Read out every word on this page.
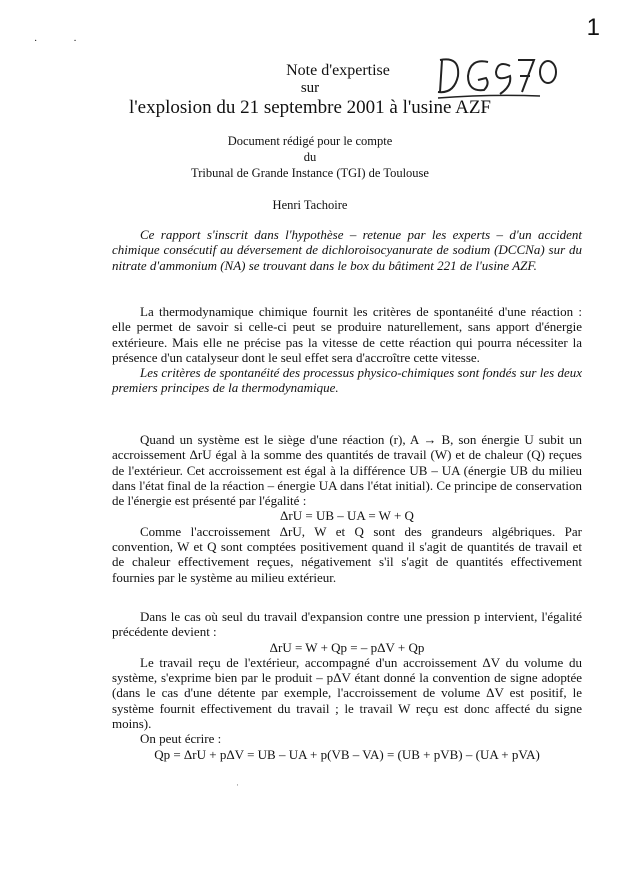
1
··
Note d'expertise
sur
l'explosion du 21 septembre 2001 à l'usine AZF
Document rédigé pour le compte
du
Tribunal de Grande Instance (TGI) de Toulouse
Henri Tachoire

Ce rapport s'inscrit dans l'hypothèse – retenue par les experts – d'un accident chimique consécutif au déversement de dichloroisocyanurate de sodium (DCCNa) sur du nitrate d'ammonium (NA) se trouvant dans le box du bâtiment 221 de l'usine AZF.

La thermodynamique chimique fournit les critères de spontanéité d'une réaction : elle permet de savoir si celle-ci peut se produire naturellement, sans apport d'énergie extérieure. Mais elle ne précise pas la vitesse de cette réaction qui pourra nécessiter la présence d'un catalyseur dont le seul effet sera d'accroître cette vitesse.

Les critères de spontanéité des processus physico-chimiques sont fondés sur les deux premiers principes de la thermodynamique.

Quand un système est le siège d'une réaction (r), A → B, son énergie U subit un accroissement ΔrU égal à la somme des quantités de travail (W) et de chaleur (Q) reçues de l'extérieur. Cet accroissement est égal à la différence UB – UA (énergie UB du milieu dans l'état final de la réaction – énergie UA dans l'état initial). Ce principe de conservation de l'énergie est présenté par l'égalité :

ΔrU = UB – UA = W + Q

Comme l'accroissement ΔrU, W et Q sont des grandeurs algébriques. Par convention, W et Q sont comptées positivement quand il s'agit de quantités de travail et de chaleur effectivement reçues, négativement s'il s'agit de quantités effectivement fournies par le système au milieu extérieur.

Dans le cas où seul du travail d'expansion contre une pression p intervient, l'égalité précédente devient :

ΔrU = W + Qp = – pΔV + Qp

Le travail reçu de l'extérieur, accompagné d'un accroissement ΔV du volume du système, s'exprime bien par le produit – pΔV étant donné la convention de signe adoptée (dans le cas d'une détente par exemple, l'accroissement de volume ΔV est positif, le système fournit effectivement du travail ; le travail W reçu est donc affecté du signe moins).

On peut écrire :

Qp = ΔrU + pΔV = UB – UA + p(VB – VA) = (UB + pVB) – (UA + pVA)
·
